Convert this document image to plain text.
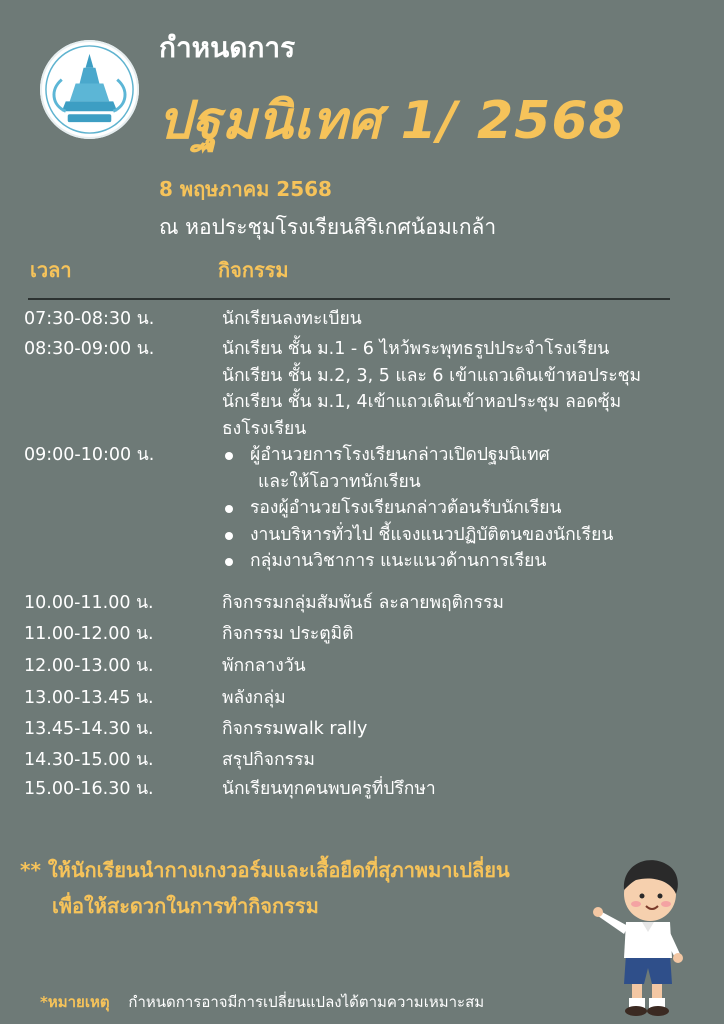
กำหนดการ
ปฐมนิเทศ 1/ 2568
8 พฤษภาคม 2568
ณ หอประชุมโรงเรียนสิริเกศน้อมเกล้า
เวลา	กิจกรรม
07:30-08:30 น.	นักเรียนลงทะเบียน
08:30-09:00 น.	นักเรียน ชั้น ม.1 - 6 ไหว้พระพุทธรูปประจำโรงเรียน
นักเรียน ชั้น ม.2, 3, 5 และ 6 เข้าแถวเดินเข้าหอประชุม
นักเรียน ชั้น ม.1, 4เข้าแถวเดินเข้าหอประชุม ลอดซุ้ม
ธงโรงเรียน
09:00-10:00 น.	ผู้อำนวยการโรงเรียนกล่าวเปิดปฐมนิเทศ
และให้โอวาทนักเรียน
รองผู้อำนวยโรงเรียนกล่าวต้อนรับนักเรียน
งานบริหารทั่วไป ชี้แจงแนวปฏิบัติตนของนักเรียน
กลุ่มงานวิชาการ แนะแนวด้านการเรียน
10.00-11.00 น.	กิจกรรมกลุ่มสัมพันธ์ ละลายพฤติกรรม
11.00-12.00 น.	กิจกรรม ประตูมิติ
12.00-13.00 น.	พักกลางวัน
13.00-13.45 น.	พลังกลุ่ม
13.45-14.30 น.	กิจกรรมwalk rally
14.30-15.00 น.	สรุปกิจกรรม
15.00-16.30 น.	นักเรียนทุกคนพบครูที่ปรึกษา
** ให้นักเรียนนำกางเกงวอร์มและเสื้อยืดที่สุภาพมาเปลี่ยน
เพื่อให้สะดวกในการทำกิจกรรม
*หมายเหตุ กำหนดการอาจมีการเปลี่ยนแปลงได้ตามความเหมาะสม
